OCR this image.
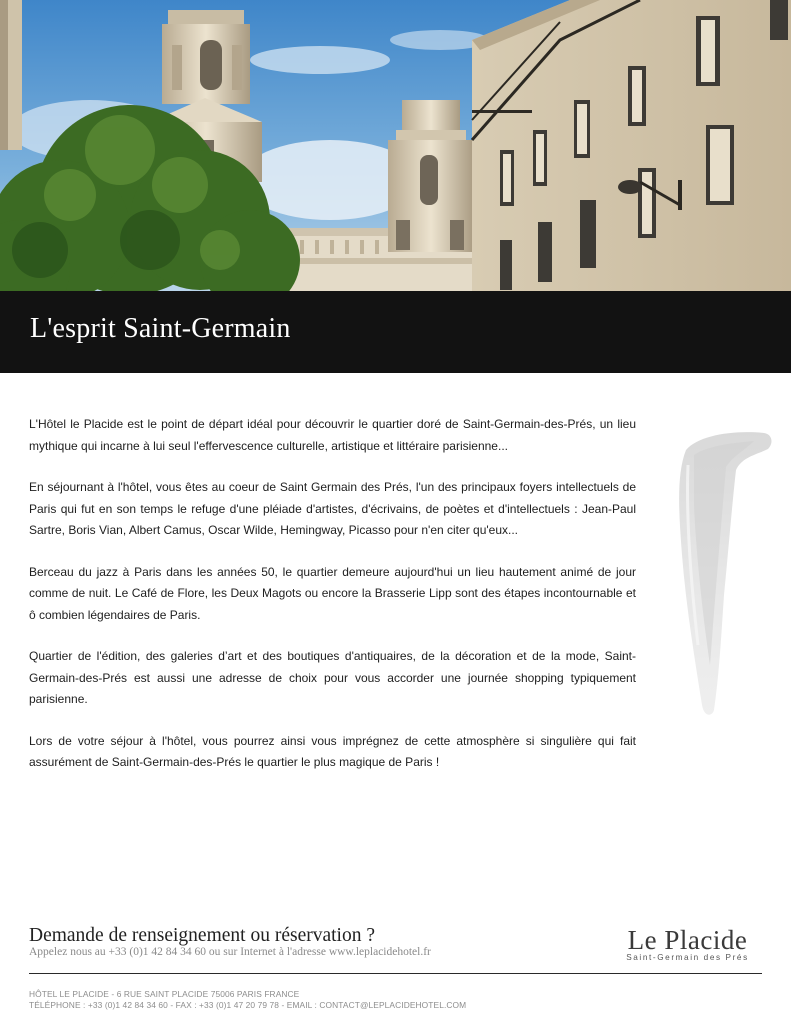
L'esprit Saint-Germain

L'Hôtel le Placide est le point de départ idéal pour découvrir le quartier doré de Saint-Germain-des-Prés, un lieu mythique qui incarne à lui seul l'effervescence culturelle, artistique et littéraire parisienne...

En séjournant à l'hôtel, vous êtes au coeur de Saint Germain des Prés, l'un des principaux foyers intellectuels de Paris qui fut en son temps le refuge d'une pléiade d'artistes, d'écrivains, de poètes et d'intellectuels : Jean-Paul Sartre, Boris Vian, Albert Camus, Oscar Wilde, Hemingway, Picasso pour n'en citer qu'eux...

Berceau du jazz à Paris dans les années 50, le quartier demeure aujourd'hui un lieu hautement animé de jour comme de nuit. Le Café de Flore, les Deux Magots ou encore la Brasserie Lipp sont des étapes incontournable et ô combien légendaires de Paris.

Quartier de l'édition, des galeries d’art et des boutiques d'antiquaires, de la décoration et de la mode, Saint-Germain-des-Prés est aussi une adresse de choix pour vous accorder une journée shopping typiquement parisienne.

Lors de votre séjour à l'hôtel, vous pourrez ainsi vous imprégnez de cette atmosphère si singulière qui fait assurément de Saint-Germain-des-Prés le quartier le plus magique de Paris !

Demande de renseignement ou réservation ?
Appelez nous au +33 (0)1 42 84 34 60 ou sur Internet à l'adresse www.leplacidehotel.fr	Le Placide
Saint-Germain des Prés
HÔTEL LE PLACIDE - 6 RUE SAINT PLACIDE 75006 PARIS FRANCE
TÉLÉPHONE : +33 (0)1 42 84 34 60 - FAX : +33 (0)1 47 20 79 78 - EMAIL : CONTACT@LEPLACIDEHOTEL.COM
